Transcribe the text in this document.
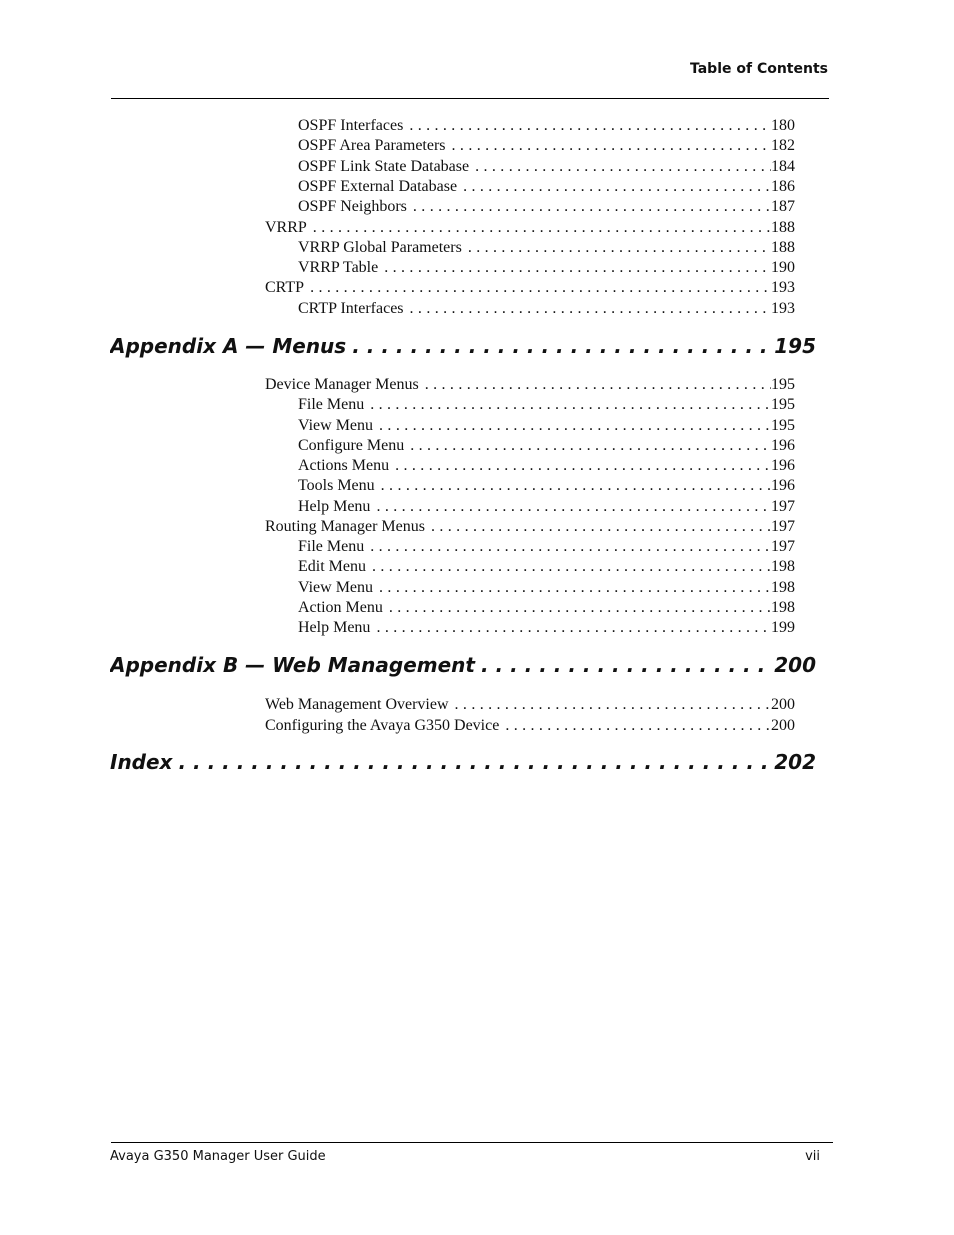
Table of Contents
OSPF Interfaces . . .	180
OSPF Area Parameters . . .	182
OSPF Link State Database . . .	184
OSPF External Database . . .	186
OSPF Neighbors . . .	187
VRRP . . .	188
VRRP Global Parameters . . .	188
VRRP Table . . .	190
CRTP . . .	193
CRTP Interfaces . . .	193
Appendix A — Menus . . .	195
Device Manager Menus . . .	195
File Menu . . .	195
View Menu . . .	195
Configure Menu . . .	196
Actions Menu . . .	196
Tools Menu . . .	196
Help Menu . . .	197
Routing Manager Menus . . .	197
File Menu . . .	197
Edit Menu . . .	198
View Menu . . .	198
Action Menu . . .	198
Help Menu . . .	199
Appendix B — Web Management . . .	200
Web Management Overview . . .	200
Configuring the Avaya G350 Device . . .	200
Index . . .	202
Avaya G350 Manager User Guide	vii
